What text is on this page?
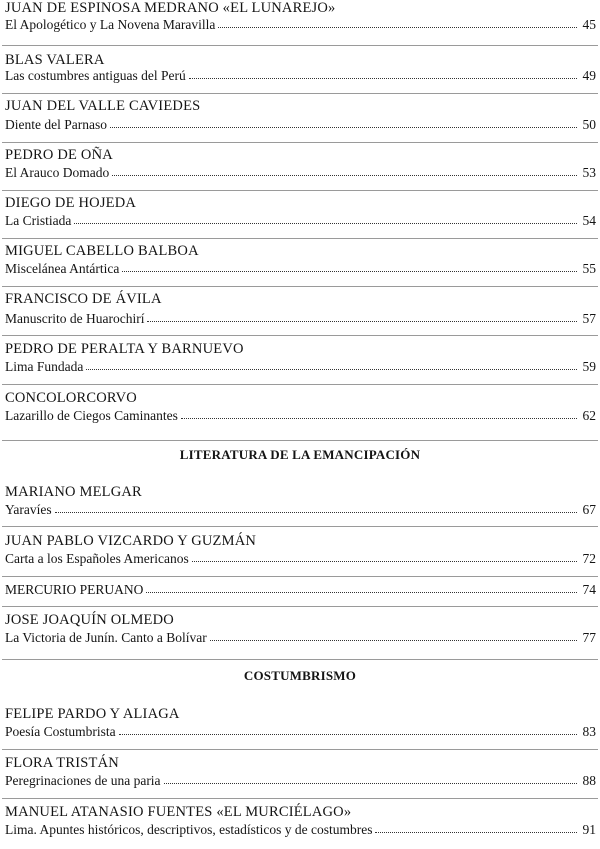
JUAN DE ESPINOSA MEDRANO «EL LUNAREJO»
El Apologético y La Novena Maravilla	45
BLAS VALERA
Las costumbres antiguas del Perú	49
JUAN DEL VALLE CAVIEDES
Diente del Parnaso	50
PEDRO DE OÑA
El Arauco Domado	53
DIEGO DE HOJEDA
La Cristiada	54
MIGUEL CABELLO BALBOA
Miscelánea Antártica	55
FRANCISCO DE ÁVILA
Manuscrito de Huarochirí	57
PEDRO DE PERALTA Y BARNUEVO
Lima Fundada	59
CONCOLORCORVO
Lazarillo de Ciegos Caminantes	62
LITERATURA DE LA EMANCIPACIÓN
MARIANO MELGAR
Yaravíes	67
JUAN PABLO VIZCARDO Y GUZMÁN
Carta a los Españoles Americanos	72
MERCURIO PERUANO	74
JOSE JOAQUÍN OLMEDO
La Victoria de Junín. Canto a Bolívar	77
COSTUMBRISMO
FELIPE PARDO Y ALIAGA
Poesía Costumbrista	83
FLORA TRISTÁN
Peregrinaciones de una paria	88
MANUEL ATANASIO FUENTES «EL MURCIÉLAGO»
Lima. Apuntes históricos, descriptivos, estadísticos y de costumbres	91
